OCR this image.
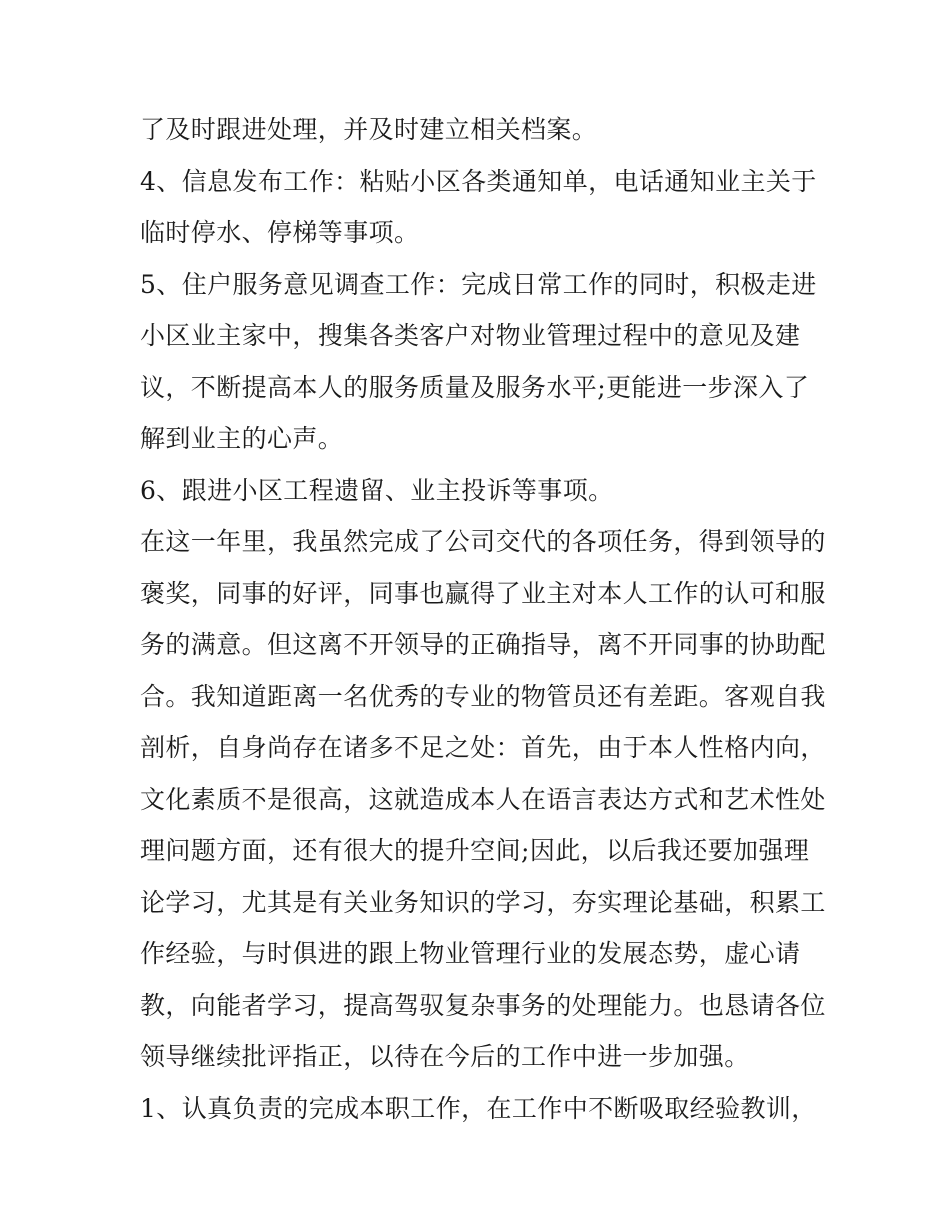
了及时跟进处理，并及时建立相关档案。
4、信息发布工作：粘贴小区各类通知单，电话通知业主关于
临时停水、停梯等事项。
5、住户服务意见调查工作：完成日常工作的同时，积极走进
小区业主家中，搜集各类客户对物业管理过程中的意见及建
议，不断提高本人的服务质量及服务水平;更能进一步深入了
解到业主的心声。
6、跟进小区工程遗留、业主投诉等事项。
在这一年里，我虽然完成了公司交代的各项任务，得到领导的
褒奖，同事的好评，同事也赢得了业主对本人工作的认可和服
务的满意。但这离不开领导的正确指导，离不开同事的协助配
合。我知道距离一名优秀的专业的物管员还有差距。客观自我
剖析，自身尚存在诸多不足之处：首先，由于本人性格内向，
文化素质不是很高，这就造成本人在语言表达方式和艺术性处
理问题方面，还有很大的提升空间;因此，以后我还要加强理
论学习，尤其是有关业务知识的学习，夯实理论基础，积累工
作经验，与时俱进的跟上物业管理行业的发展态势，虚心请
教，向能者学习，提高驾驭复杂事务的处理能力。也恳请各位
领导继续批评指正，以待在今后的工作中进一步加强。
1、认真负责的完成本职工作，在工作中不断吸取经验教训，
